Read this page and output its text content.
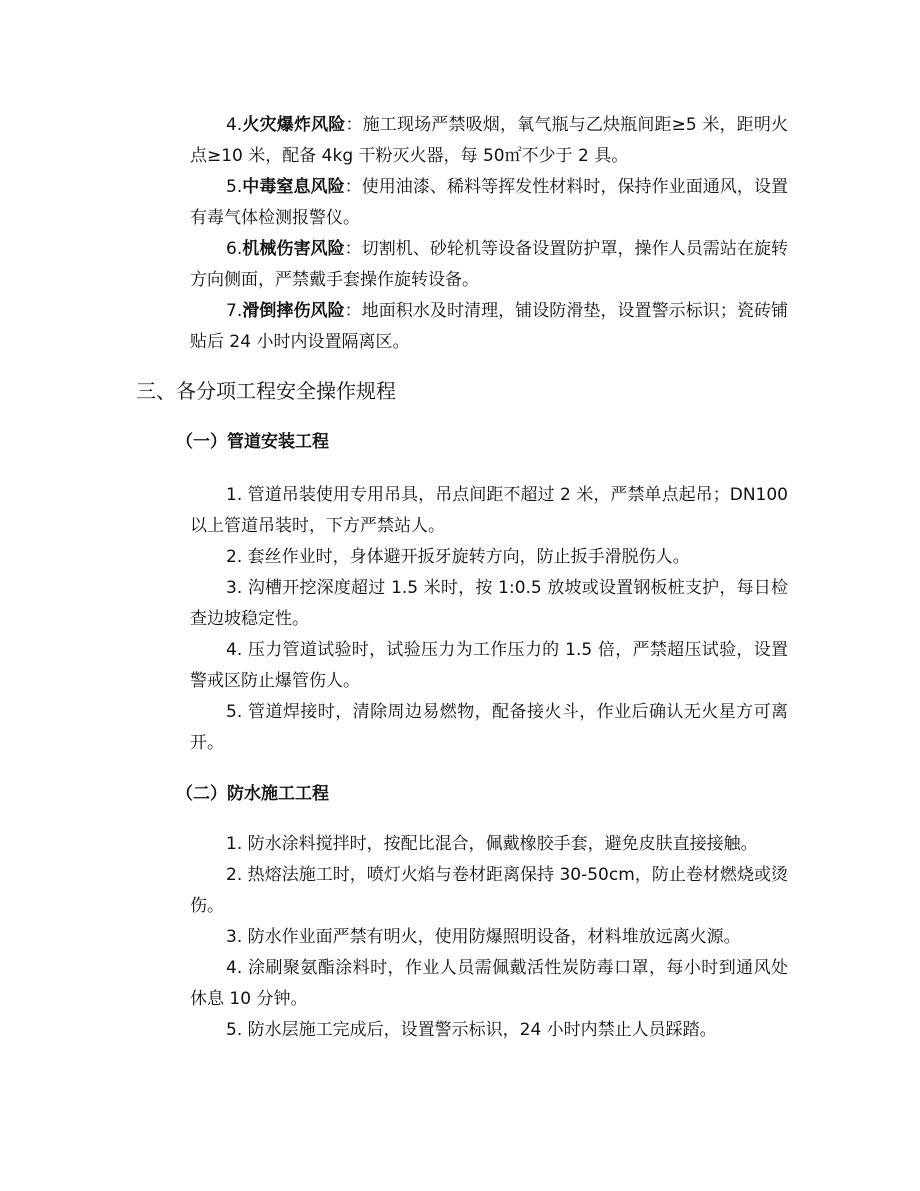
4.火灾爆炸风险：施工现场严禁吸烟，氧气瓶与乙炔瓶间距≥5 米，距明火点≥10 米，配备 4kg 干粉灭火器，每 50㎡不少于 2 具。

5.中毒窒息风险：使用油漆、稀料等挥发性材料时，保持作业面通风，设置有毒气体检测报警仪。

6.机械伤害风险：切割机、砂轮机等设备设置防护罩，操作人员需站在旋转方向侧面，严禁戴手套操作旋转设备。

7.滑倒摔伤风险：地面积水及时清理，铺设防滑垫，设置警示标识；瓷砖铺贴后 24 小时内设置隔离区。

三、各分项工程安全操作规程
（一）管道安装工程

1. 管道吊装使用专用吊具，吊点间距不超过 2 米，严禁单点起吊；DN100 以上管道吊装时，下方严禁站人。

2. 套丝作业时，身体避开扳牙旋转方向，防止扳手滑脱伤人。

3. 沟槽开挖深度超过 1.5 米时，按 1:0.5 放坡或设置钢板桩支护，每日检查边坡稳定性。

4. 压力管道试验时，试验压力为工作压力的 1.5 倍，严禁超压试验，设置警戒区防止爆管伤人。

5. 管道焊接时，清除周边易燃物，配备接火斗，作业后确认无火星方可离开。

（二）防水施工工程

1. 防水涂料搅拌时，按配比混合，佩戴橡胶手套，避免皮肤直接接触。

2. 热熔法施工时，喷灯火焰与卷材距离保持 30-50cm，防止卷材燃烧或烫伤。

3. 防水作业面严禁有明火，使用防爆照明设备，材料堆放远离火源。

4. 涂刷聚氨酯涂料时，作业人员需佩戴活性炭防毒口罩，每小时到通风处休息 10 分钟。

5. 防水层施工完成后，设置警示标识，24 小时内禁止人员踩踏。
